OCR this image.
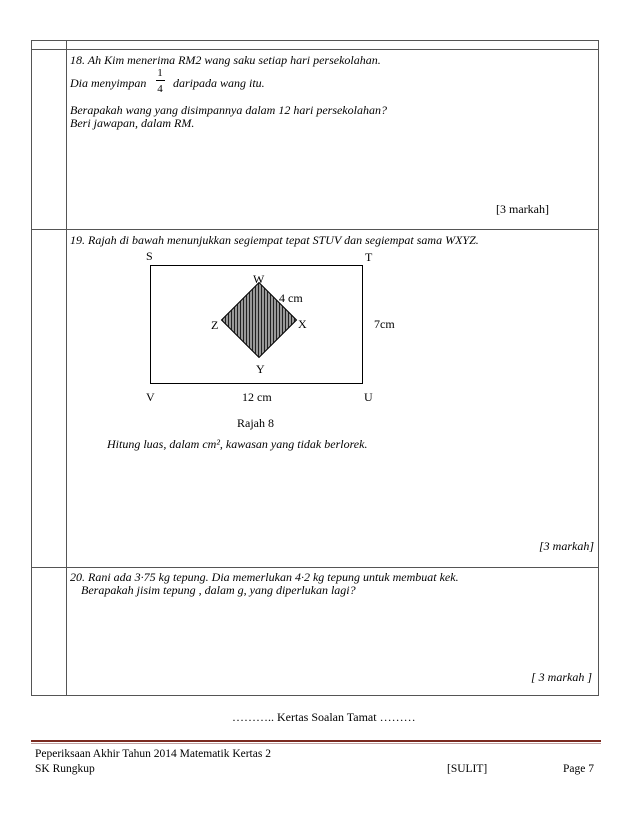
18. Ah Kim menerima RM2 wang saku setiap hari persekolahan.
Dia menyimpan
1
4 daripada wang itu.
Berapakah wang yang disimpannya dalam 12 hari persekolahan?
Beri jawapan, dalam RM.
[3 markah]
19. Rajah di bawah menunjukkan segiempat tepat STUV dan segiempat sama WXYZ.
S	T
U
V
W
X
Y
Z
4 cm
7cm
12 cm
Rajah 8
Hitung luas, dalam cm², kawasan yang tidak berlorek.
[3 markah]
20. Rani ada 3·75 kg tepung. Dia memerlukan 4·2 kg tepung untuk membuat kek.
Berapakah jisim tepung , dalam g, yang diperlukan lagi?
[ 3 markah ]
……….. Kertas Soalan Tamat ………
Peperiksaan Akhir Tahun 2014 Matematik Kertas 2
SK Rungkup	[SULIT]	Page 7
